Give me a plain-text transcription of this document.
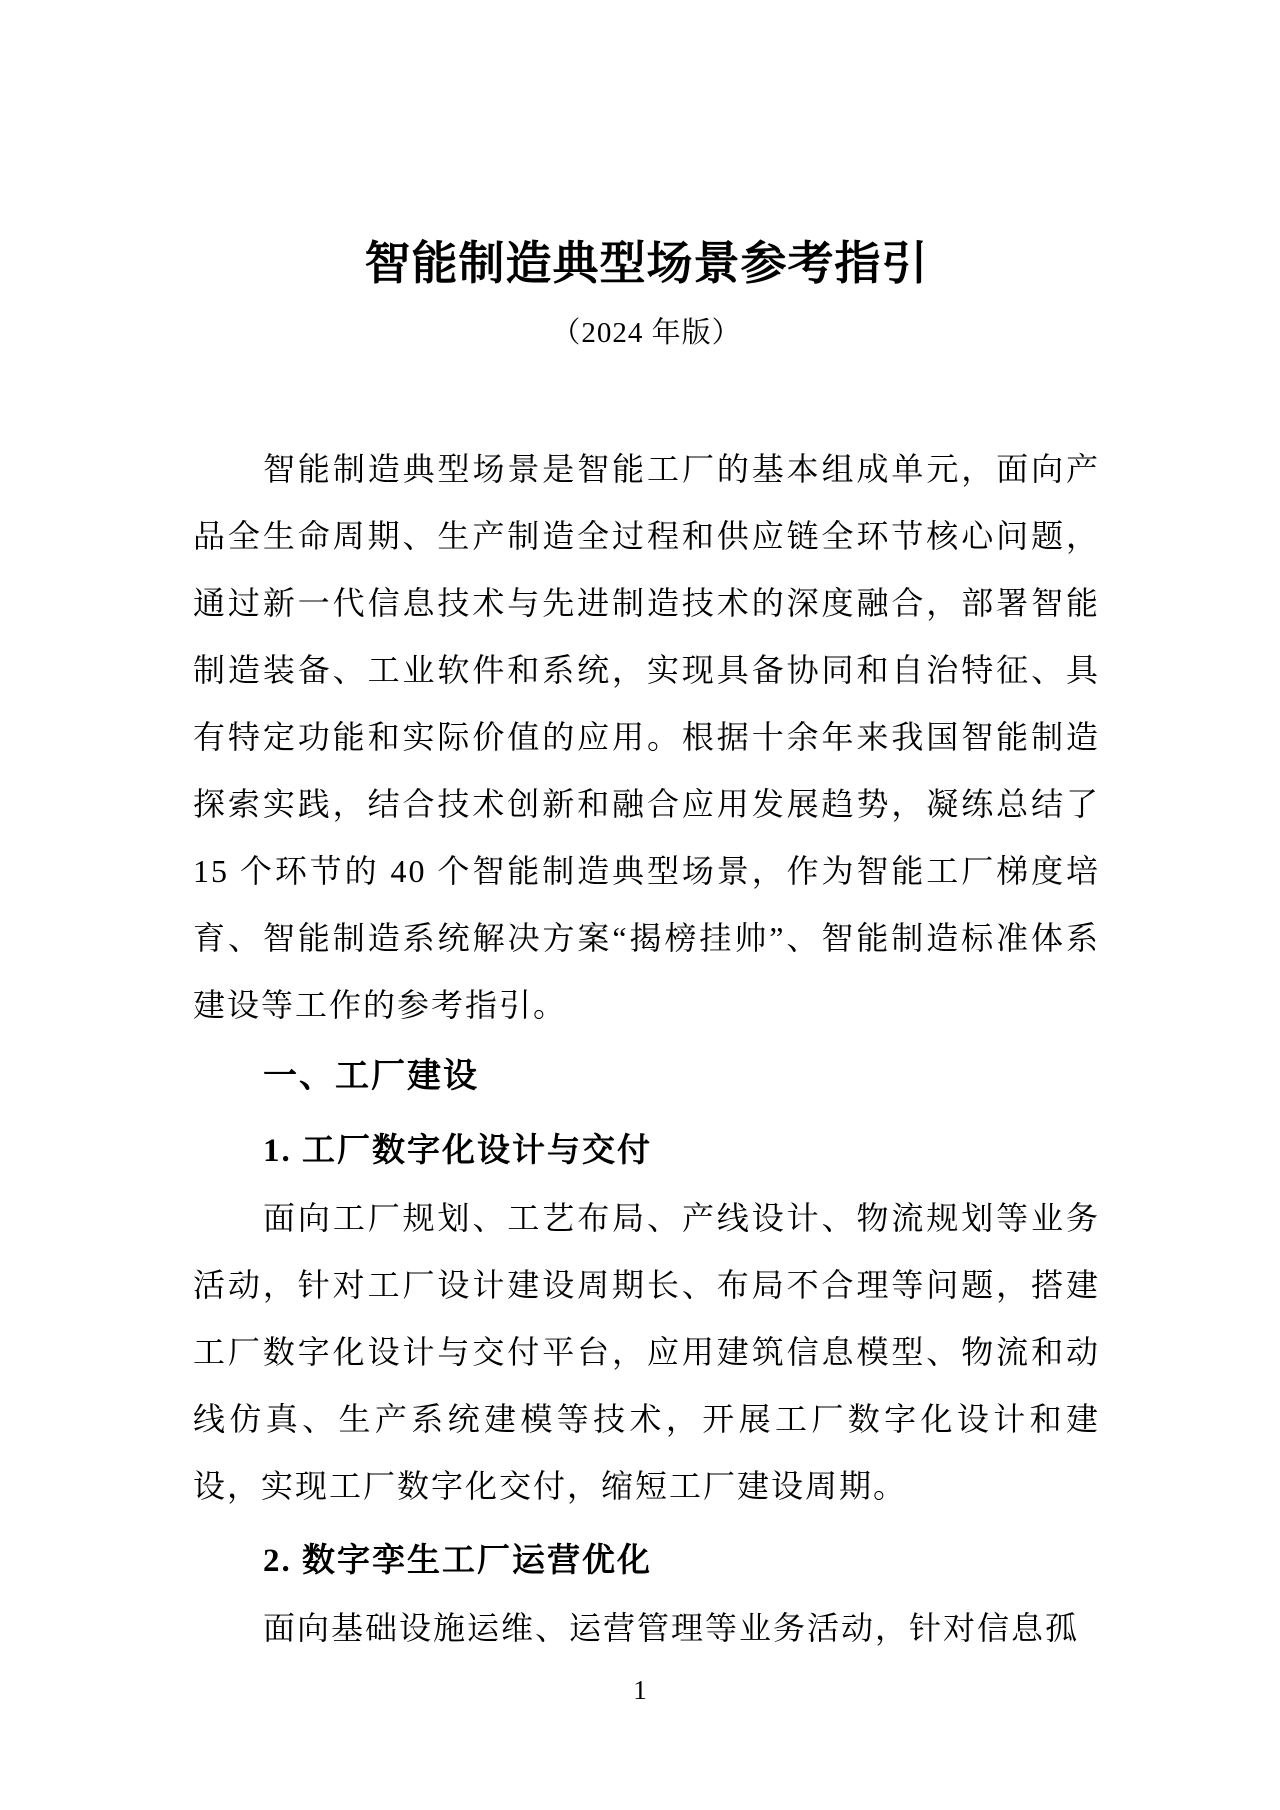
智能制造典型场景参考指引
（2024 年版）

智能制造典型场景是智能工厂的基本组成单元，面向产品全生命周期、生产制造全过程和供应链全环节核心问题，通过新一代信息技术与先进制造技术的深度融合，部署智能制造装备、工业软件和系统，实现具备协同和自治特征、具有特定功能和实际价值的应用。根据十余年来我国智能制造探索实践，结合技术创新和融合应用发展趋势，凝练总结了 15 个环节的 40 个智能制造典型场景，作为智能工厂梯度培育、智能制造系统解决方案“揭榜挂帅”、智能制造标准体系建设等工作的参考指引。

一、工厂建设
1. 工厂数字化设计与交付

面向工厂规划、工艺布局、产线设计、物流规划等业务活动，针对工厂设计建设周期长、布局不合理等问题，搭建工厂数字化设计与交付平台，应用建筑信息模型、物流和动线仿真、生产系统建模等技术，开展工厂数字化设计和建设，实现工厂数字化交付，缩短工厂建设周期。

2. 数字孪生工厂运营优化

面向基础设施运维、运营管理等业务活动，针对信息孤

1
